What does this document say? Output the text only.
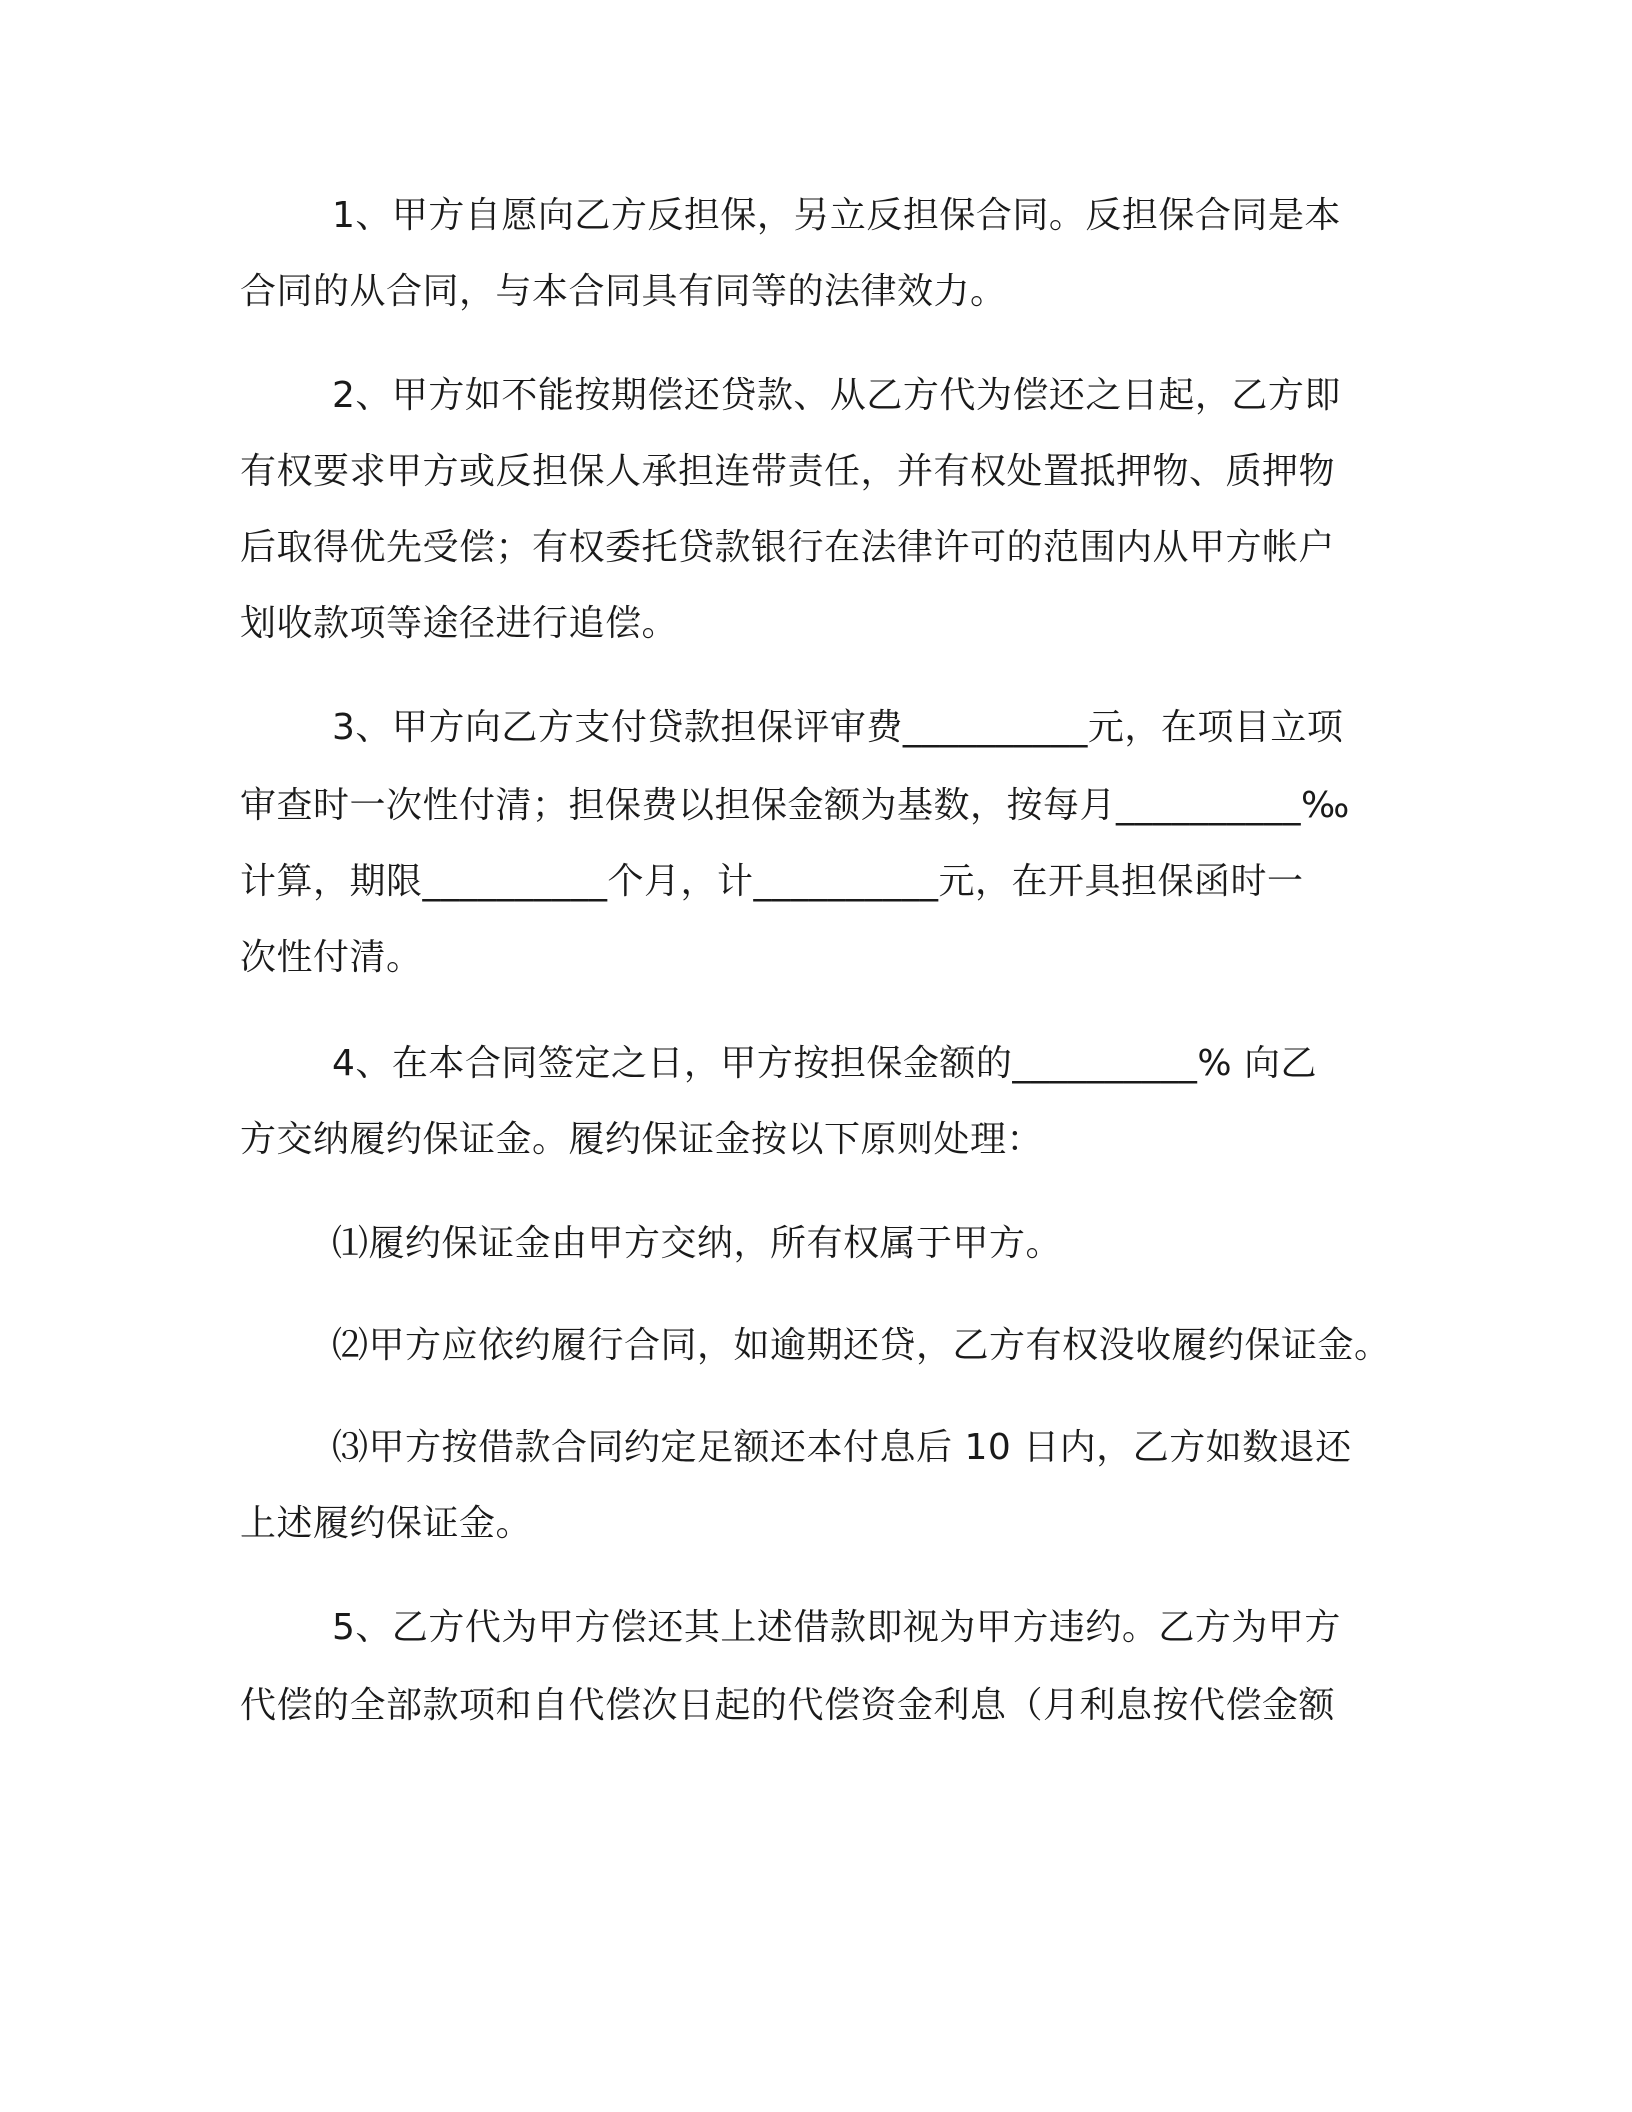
1、甲方自愿向乙方反担保，另立反担保合同。反担保合同是本
合同的从合同，与本合同具有同等的法律效力。
2、甲方如不能按期偿还贷款、从乙方代为偿还之日起，乙方即
有权要求甲方或反担保人承担连带责任，并有权处置抵押物、质押物
后取得优先受偿；有权委托贷款银行在法律许可的范围内从甲方帐户
划收款项等途径进行追偿。
3、甲方向乙方支付贷款担保评审费__________元，在项目立项
审查时一次性付清；担保费以担保金额为基数，按每月__________‰
计算，期限__________个月，计__________元，在开具担保函时一
次性付清。
4、在本合同签定之日，甲方按担保金额的__________% 向乙
方交纳履约保证金。履约保证金按以下原则处理：
⑴履约保证金由甲方交纳，所有权属于甲方。
⑵甲方应依约履行合同，如逾期还贷，乙方有权没收履约保证金。
⑶甲方按借款合同约定足额还本付息后 10 日内，乙方如数退还
上述履约保证金。
5、乙方代为甲方偿还其上述借款即视为甲方违约。乙方为甲方
代偿的全部款项和自代偿次日起的代偿资金利息（月利息按代偿金额
